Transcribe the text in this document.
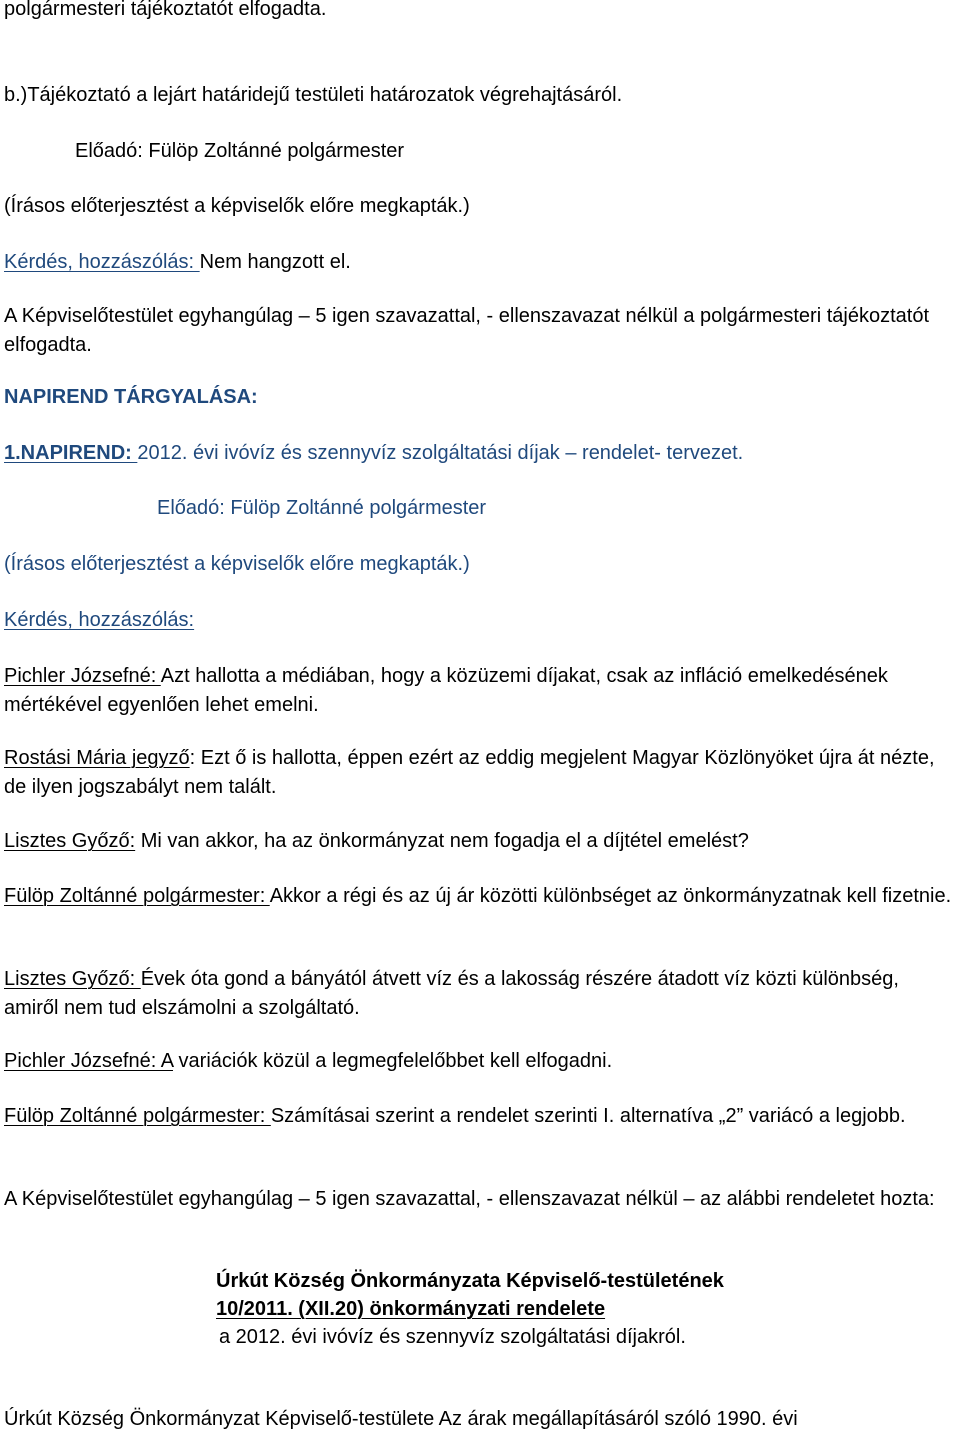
polgármesteri tájékoztatót elfogadta.

b.)Tájékoztató a lejárt határidejű testületi határozatok végrehajtásáról.

Előadó: Fülöp Zoltánné polgármester

(Írásos előterjesztést a képviselők előre megkapták.)

Kérdés, hozzászólás: Nem hangzott el.

A Képviselőtestület egyhangúlag – 5 igen szavazattal, - ellenszavazat nélkül a polgármesteri tájékoztatót elfogadta.

NAPIREND TÁRGYALÁSA:

1.NAPIREND: 2012. évi ivóvíz és szennyvíz szolgáltatási díjak – rendelet- tervezet.

Előadó: Fülöp Zoltánné polgármester

(Írásos előterjesztést a képviselők előre megkapták.)

Kérdés, hozzászólás:

Pichler Józsefné: Azt hallotta a médiában, hogy a közüzemi díjakat, csak az infláció emelkedésének mértékével egyenlően lehet emelni.

Rostási Mária jegyző: Ezt ő is hallotta, éppen ezért az eddig megjelent Magyar Közlönyöket újra át nézte, de ilyen jogszabályt nem talált.

Lisztes Győző: Mi van akkor, ha az önkormányzat nem fogadja el a díjtétel emelést?

Fülöp Zoltánné polgármester: Akkor a régi és az új ár közötti különbséget az önkormányzatnak kell fizetnie.

Lisztes Győző: Évek óta gond a bányától átvett víz és a lakosság részére átadott víz közti különbség, amiről nem tud elszámolni a szolgáltató.

Pichler Józsefné: A variációk közül a legmegfelelőbbet kell elfogadni.

Fülöp Zoltánné polgármester: Számításai szerint a rendelet szerinti I. alternatíva „2” variácó a legjobb.

A Képviselőtestület egyhangúlag – 5 igen szavazattal, - ellenszavazat nélkül – az alábbi rendeletet hozta:

Úrkút Község Önkormányzata Képviselő-testületének

10/2011. (XII.20) önkormányzati rendelete

a 2012. évi ivóvíz és szennyvíz szolgáltatási díjakról.

Úrkút Község Önkormányzat Képviselő-testülete Az árak megállapításáról szóló 1990. évi
